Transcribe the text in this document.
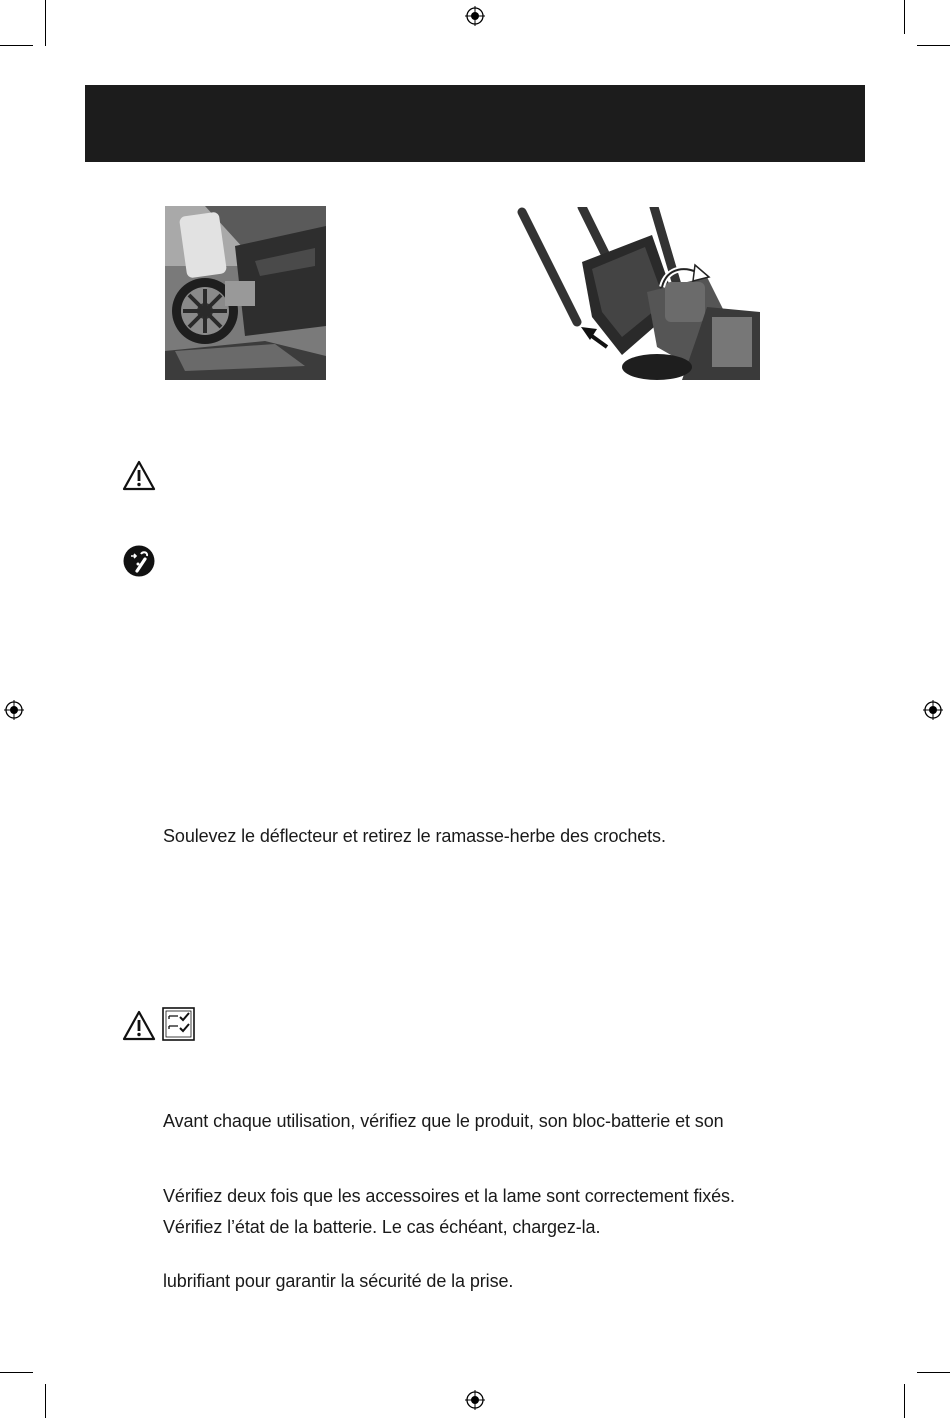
Soulevez le déflecteur et retirez le ramasse-herbe des crochets.
Avant chaque utilisation, vérifiez que le produit, son bloc-batterie et son
Vérifiez deux fois que les accessoires et la lame sont correctement fixés.
Vérifiez l’état de la batterie. Le cas échéant, chargez-la.
lubrifiant pour garantir la sécurité de la prise.
